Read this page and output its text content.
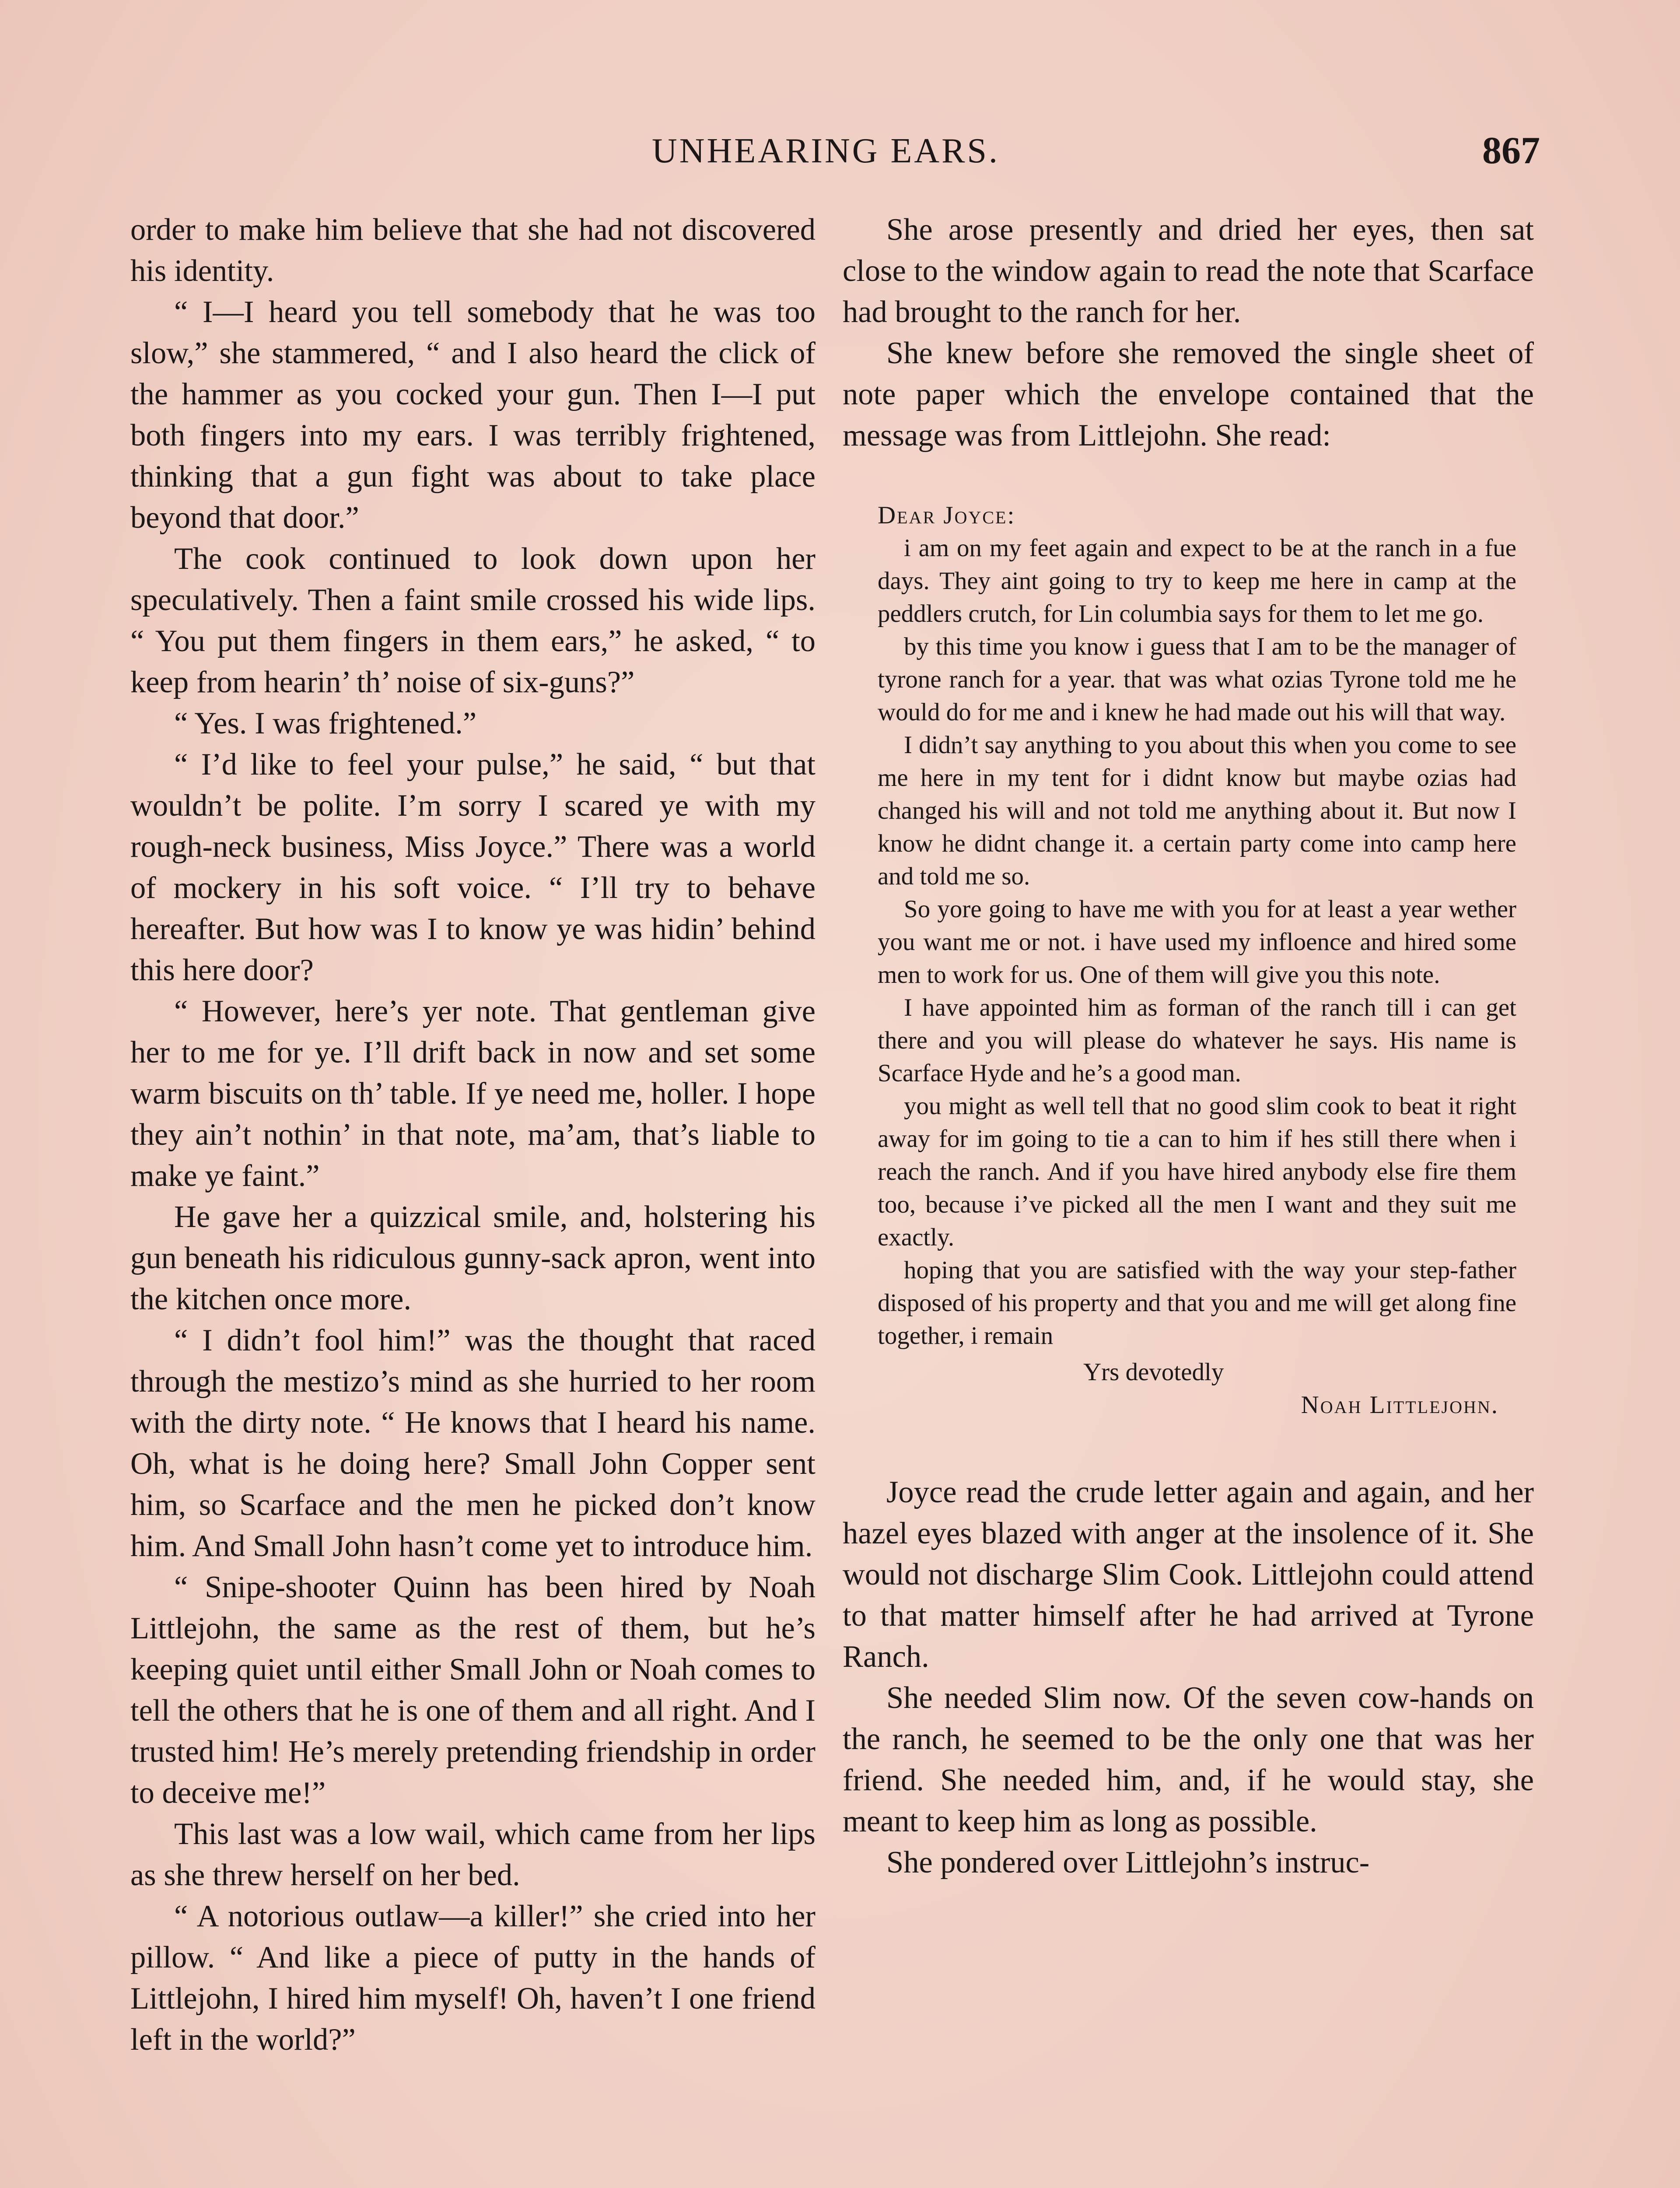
UNHEARING EARS.	867

order to make him believe that she had not discovered his identity.

“ I—I heard you tell somebody that he was too slow,” she stammered, “ and I also heard the click of the hammer as you cocked your gun. Then I—I put both fingers into my ears. I was terribly frightened, thinking that a gun fight was about to take place beyond that door.”

The cook continued to look down upon her speculatively. Then a faint smile crossed his wide lips. “ You put them fingers in them ears,” he asked, “ to keep from hearin’ th’ noise of six-guns?”

“ Yes. I was frightened.”

“ I’d like to feel your pulse,” he said, “ but that wouldn’t be polite. I’m sorry I scared ye with my rough-neck business, Miss Joyce.” There was a world of mockery in his soft voice. “ I’ll try to behave hereafter. But how was I to know ye was hidin’ behind this here door?

“ However, here’s yer note. That gentleman give her to me for ye. I’ll drift back in now and set some warm biscuits on th’ table. If ye need me, holler. I hope they ain’t nothin’ in that note, ma’am, that’s liable to make ye faint.”

He gave her a quizzical smile, and, holstering his gun beneath his ridiculous gunny-sack apron, went into the kitchen once more.

“ I didn’t fool him!” was the thought that raced through the mestizo’s mind as she hurried to her room with the dirty note. “ He knows that I heard his name. Oh, what is he doing here? Small John Copper sent him, so Scarface and the men he picked don’t know him. And Small John hasn’t come yet to introduce him.

“ Snipe-shooter Quinn has been hired by Noah Littlejohn, the same as the rest of them, but he’s keeping quiet until either Small John or Noah comes to tell the others that he is one of them and all right. And I trusted him! He’s merely pretending friendship in order to deceive me!”

This last was a low wail, which came from her lips as she threw herself on her bed.

“ A notorious outlaw—a killer!” she cried into her pillow. “ And like a piece of putty in the hands of Littlejohn, I hired him myself! Oh, haven’t I one friend left in the world?”

She arose presently and dried her eyes, then sat close to the window again to read the note that Scarface had brought to the ranch for her.

She knew before she removed the single sheet of note paper which the envelope contained that the message was from Littlejohn. She read:

Dear Joyce:

i am on my feet again and expect to be at the ranch in a fue days. They aint going to try to keep me here in camp at the peddlers crutch, for Lin columbia says for them to let me go.

by this time you know i guess that I am to be the manager of tyrone ranch for a year. that was what ozias Tyrone told me he would do for me and i knew he had made out his will that way.

I didn’t say anything to you about this when you come to see me here in my tent for i didnt know but maybe ozias had changed his will and not told me anything about it. But now I know he didnt change it. a certain party come into camp here and told me so.

So yore going to have me with you for at least a year wether you want me or not. i have used my infloence and hired some men to work for us. One of them will give you this note.

I have appointed him as forman of the ranch till i can get there and you will please do whatever he says. His name is Scarface Hyde and he’s a good man.

you might as well tell that no good slim cook to beat it right away for im going to tie a can to him if hes still there when i reach the ranch. And if you have hired anybody else fire them too, because i’ve picked all the men I want and they suit me exactly.

hoping that you are satisfied with the way your step-father disposed of his property and that you and me will get along fine together, i remain

Yrs devotedly

Noah Littlejohn.

Joyce read the crude letter again and again, and her hazel eyes blazed with anger at the insolence of it. She would not discharge Slim Cook. Littlejohn could attend to that matter himself after he had arrived at Tyrone Ranch.

She needed Slim now. Of the seven cow-hands on the ranch, he seemed to be the only one that was her friend. She needed him, and, if he would stay, she meant to keep him as long as possible.

She pondered over Littlejohn’s instruc-
